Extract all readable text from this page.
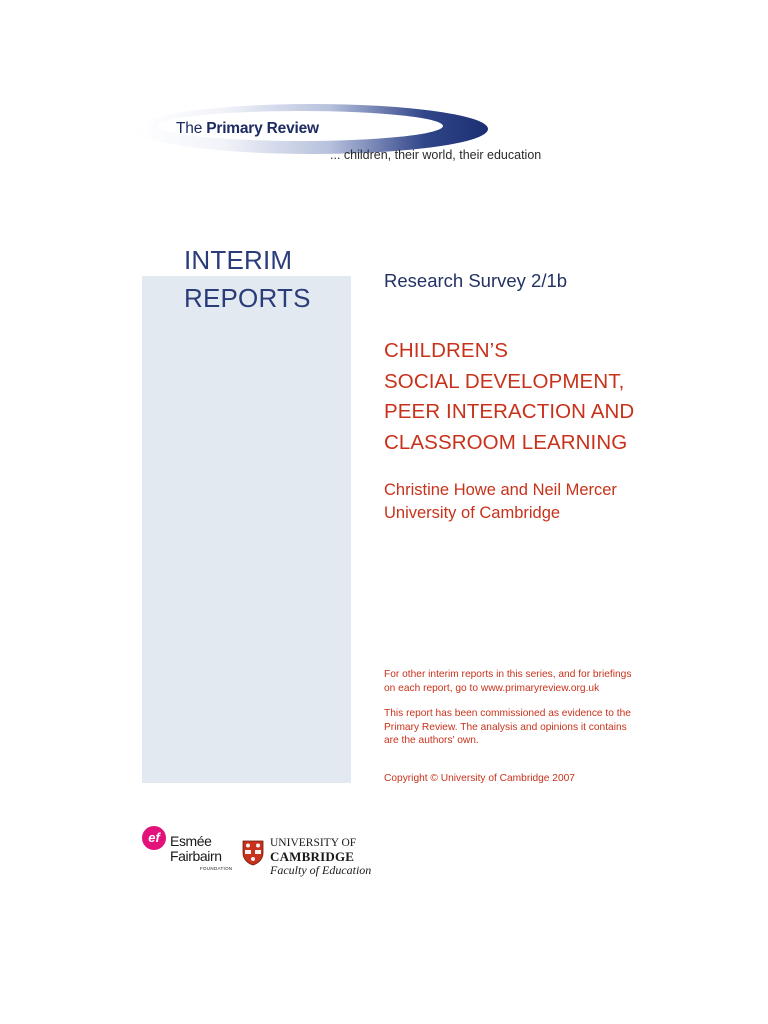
The Primary Review
... children, their world, their education
INTERIM
REPORTS
Research Survey 2/1b
CHILDREN’S
SOCIAL DEVELOPMENT,
PEER INTERACTION AND
CLASSROOM LEARNING
Christine Howe and Neil Mercer
University of Cambridge
For other interim reports in this series, and for briefings
on each report, go to www.primaryreview.org.uk
This report has been commissioned as evidence to the
Primary Review. The analysis and opinions it contains
are the authors’ own.
Copyright © University of Cambridge 2007
ef Esmée
Fairbairn
FOUNDATION
UNIVERSITY OF
CAMBRIDGE
Faculty of Education
